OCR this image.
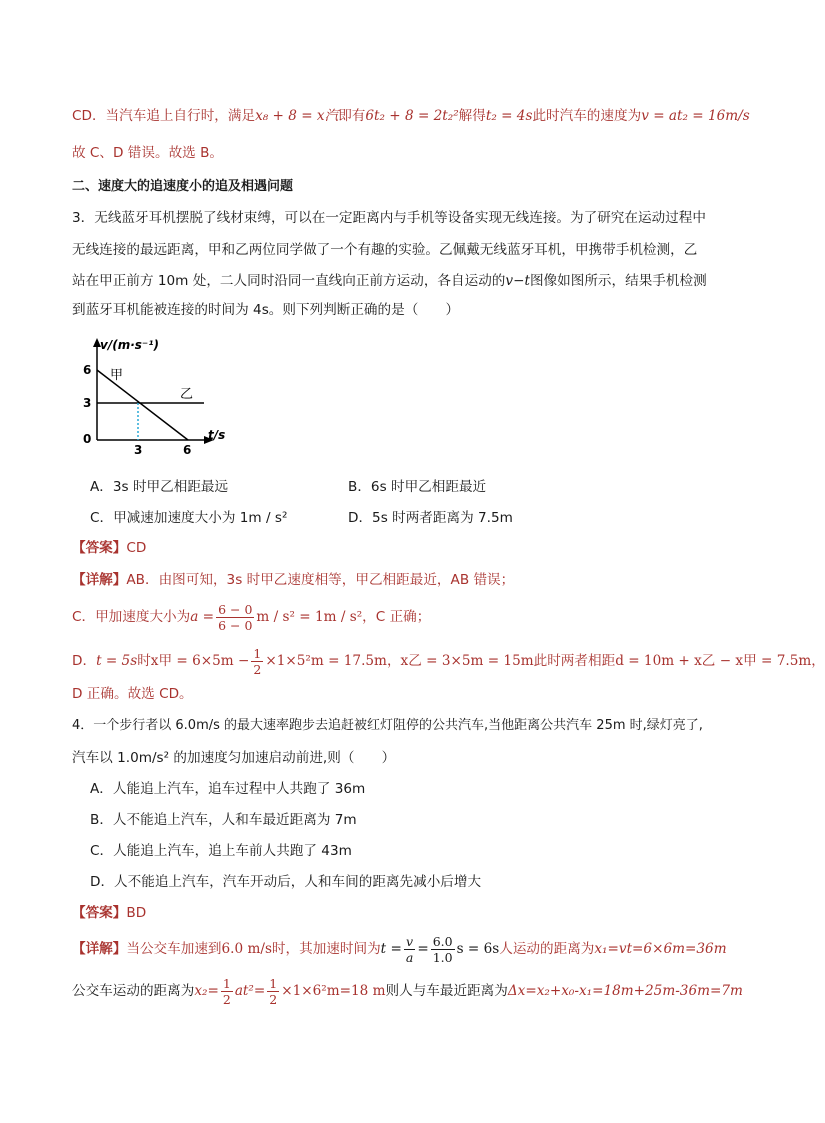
CD．当汽车追上自行时，满足x₈ + 8 = x汽即有6t₂ + 8 = 2t₂²解得t₂ = 4s此时汽车的速度为v = at₂ = 16m/s
故 C、D 错误。故选 B。
二、速度大的追速度小的追及相遇问题
3．无线蓝牙耳机摆脱了线材束缚，可以在一定距离内与手机等设备实现无线连接。为了研究在运动过程中
无线连接的最远距离，甲和乙两位同学做了一个有趣的实验。乙佩戴无线蓝牙耳机，甲携带手机检测，乙
站在甲正前方 10m 处，二人同时沿同一直线向正前方运动，各自运动的v−t图像如图所示，结果手机检测
到蓝牙耳机能被连接的时间为 4s。则下列判断正确的是（　　）
v/(m·s⁻¹)
t/s
6
3
0
3	6
甲
乙
A．3s 时甲乙相距最远	B．6s 时甲乙相距最近
C．甲减速加速度大小为 1m / s²	D．5s 时两者距离为 7.5m
【答案】CD
【详解】AB．由图可知，3s 时甲乙速度相等，甲乙相距最近，AB 错误；
C．甲加速度大小为$a = \frac{6 - 0}{6 - 0}$ m / s² = 1m / s²，C 正确；
D．t = 5s时x甲 = $6\times 5m - \frac{1}{2} \times 1\times 5^2m = 17.5m$，x乙 = 3×5m = 15m此时两者相距d = 10m + x乙 − x甲 = 7.5m，
D 正确。故选 CD。
4．一个步行者以 6.0m/s 的最大速率跑步去追赶被红灯阻停的公共汽车,当他距离公共汽车 25m 时,绿灯亮了,
汽车以 1.0m/s² 的加速度匀加速启动前进,则（　　）
A．人能追上汽车，追车过程中人共跑了 36m
B．人不能追上汽车，人和车最近距离为 7m
C．人能追上汽车，追上车前人共跑了 43m
D．人不能追上汽车，汽车开动后，人和车间的距离先减小后增大
【答案】BD
【详解】当公交车加速到6.0 m/s时，其加速时间为$t = \frac{v}{a} = \frac{6.0}{1.0}$ s = 6s人运动的距离为x₁=vt=6×6m=36m
公交车运动的距离为$x_2= \frac{1}{2} at^2= \frac{1}{2} \times 1\times 6^2m=18$ m则人与车最近距离为Δx=x₂+x₀-x₁=18m+25m-36m=7m
